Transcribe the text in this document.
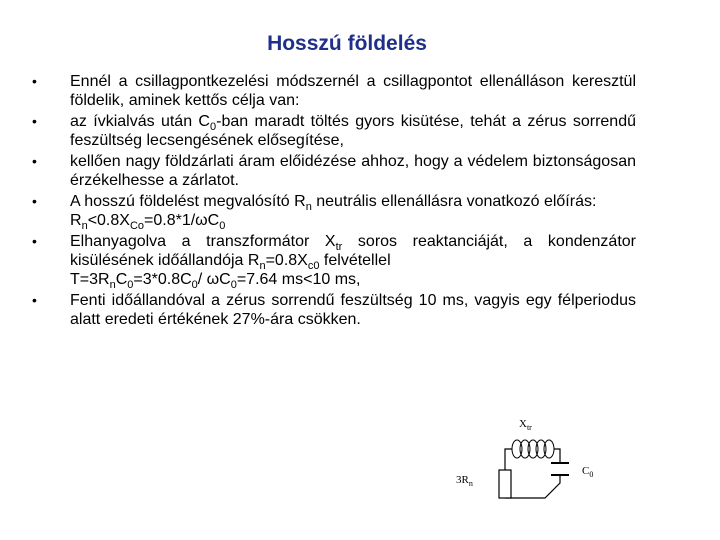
Hosszú földelés
• Ennél a csillagpontkezelési módszernél a csillagpontot ellenálláson keresztül földelik, aminek kettős célja van:
• az ívkialvás után $C_0$-ban maradt töltés gyors kisütése, tehát a zérus sorrendű feszültség lecsengésének elősegítése,
• kellően nagy földzárlati áram előidézése ahhoz, hogy a védelem biztonságosan érzékelhesse a zárlatot.
• A hosszú földelést megvalósító $R_n$ neutrális ellenállásra vonatkozó előírás:
$R_n<0.8X_{Co}=0.8*1/\omega C_0$
• Elhanyagolva a transzformátor $X_{tr}$ soros reaktanciáját, a kondenzátor kisülésének időállandója $R_n=0.8X_{c0}$ felvétellel
$T=3R_nC_0=3*0.8C_0/$ $\omega C_0=7.64$ ms<10 ms,
• Fenti időállandóval a zérus sorrendű feszültség 10 ms, vagyis egy félperiodus alatt eredeti értékének 27%-ára csökken.
$X_{tr}$
$3R_n$
$C_0$
